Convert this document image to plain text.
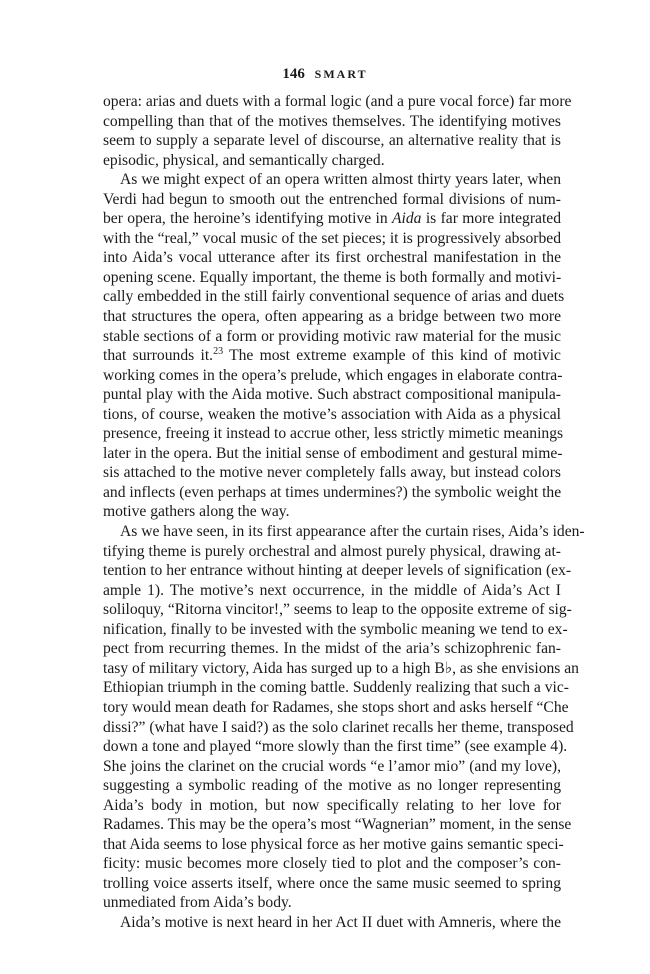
146 SMART
opera: arias and duets with a formal logic (and a pure vocal force) far more
compelling than that of the motives themselves. The identifying motives
seem to supply a separate level of discourse, an alternative reality that is
episodic, physical, and semantically charged.
As we might expect of an opera written almost thirty years later, when
Verdi had begun to smooth out the entrenched formal divisions of num-
ber opera, the heroine’s identifying motive in Aida is far more integrated
with the “real,” vocal music of the set pieces; it is progressively absorbed
into Aida’s vocal utterance after its first orchestral manifestation in the
opening scene. Equally important, the theme is both formally and motivi-
cally embedded in the still fairly conventional sequence of arias and duets
that structures the opera, often appearing as a bridge between two more
stable sections of a form or providing motivic raw material for the music
that surrounds it.$^{23}$ The most extreme example of this kind of motivic
working comes in the opera’s prelude, which engages in elaborate contra-
puntal play with the Aida motive. Such abstract compositional manipula-
tions, of course, weaken the motive’s association with Aida as a physical
presence, freeing it instead to accrue other, less strictly mimetic meanings
later in the opera. But the initial sense of embodiment and gestural mime-
sis attached to the motive never completely falls away, but instead colors
and inflects (even perhaps at times undermines?) the symbolic weight the
motive gathers along the way.
As we have seen, in its first appearance after the curtain rises, Aida’s iden-
tifying theme is purely orchestral and almost purely physical, drawing at-
tention to her entrance without hinting at deeper levels of signification (ex-
ample 1). The motive’s next occurrence, in the middle of Aida’s Act I
soliloquy, “Ritorna vincitor!,” seems to leap to the opposite extreme of sig-
nification, finally to be invested with the symbolic meaning we tend to ex-
pect from recurring themes. In the midst of the aria’s schizophrenic fan-
tasy of military victory, Aida has surged up to a high B♭, as she envisions an
Ethiopian triumph in the coming battle. Suddenly realizing that such a vic-
tory would mean death for Radames, she stops short and asks herself “Che
dissi?” (what have I said?) as the solo clarinet recalls her theme, transposed
down a tone and played “more slowly than the first time” (see example 4).
She joins the clarinet on the crucial words “e l’amor mio” (and my love),
suggesting a symbolic reading of the motive as no longer representing
Aida’s body in motion, but now specifically relating to her love for
Radames. This may be the opera’s most “Wagnerian” moment, in the sense
that Aida seems to lose physical force as her motive gains semantic speci-
ficity: music becomes more closely tied to plot and the composer’s con-
trolling voice asserts itself, where once the same music seemed to spring
unmediated from Aida’s body.
Aida’s motive is next heard in her Act II duet with Amneris, where the
